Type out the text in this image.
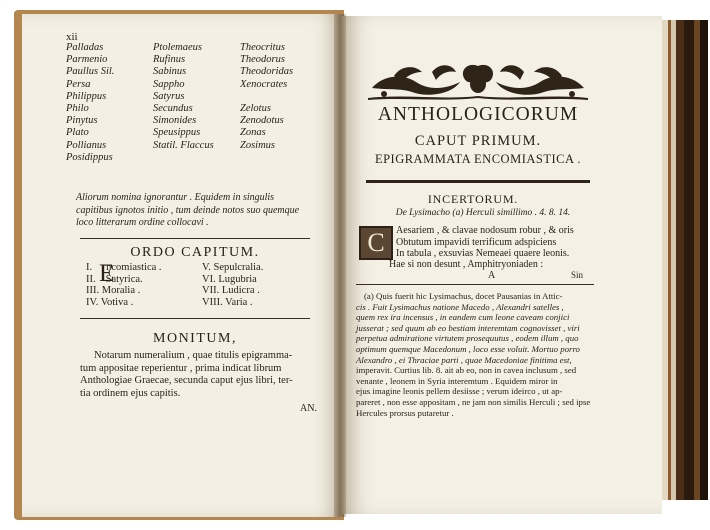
xii
Palladas	Ptolemaeus	Theocritus
Parmenio	Rufinus	Theodorus
Paullus Sil.	Sabinus	Theodoridas
Persa	Sappho	Xenocrates
Philippus	Satyrus
Philo	Secundus	Zelotus
Pinytus	Simonides	Zenodotus
Plato	Speusippus	Zonas
Pollianus	Statil. Flaccus	Zosimus
Posidippus
Aliorum nomina ignorantur . Equidem in singulis
capitibus ignotos initio , tum deinde notos suo quemque
loco litterarum ordine collocavi .
ORDO CAPITUM.
E
I. ncomiastica .	V. Sepulcralia.
II. Satyrica.	VI. Lugubria
III. Moralia .	VII. Ludicra .
IV. Votiva .	VIII. Varia .
MONITUM,
Notarum numeralium , quae titulis epigramma-
tum appositae reperientur , prima indicat librum
Anthologiae Graecae, secunda caput ejus libri, ter-
tia ordinem ejus capitis.
AN.
ANTHOLOGICORUM
CAPUT PRIMUM.
EPIGRAMMATA ENCOMIASTICA .
INCERTORUM.
De Lysimacho (a) Herculi simillimo . 4. 8. 14.
C	Aesariem , & clavae nodosum robur , & oris
Obtutum impavidi terrificum adspiciens
In tabula , exsuvias Nemeaei quaere leonis.
Hae si non desunt , Amphitryoniaden :
A	Sin
(a) Quis fuerit hic Lysimachus, docet Pausanias in Attic-
cis . Fuit Lysimachus natione Macedo , Alexandri satelles ,
quem rex ira incensus , in eandem cum leone caveam conjici
jusserat ; sed quum ab eo bestiam interemtam cognovisset , viri
perpetua admiratione virtutem prosequutus , eodem illum , quo
optimum quemque Macedonum , loco esse voluit. Mortuo porro
Alexandro , ei Thraciae parti , quae Macedoniae finitima est,
imperavit. Curtius lib. 8. ait ab eo, non in cavea inclusum , sed
venante , leonem in Syria interemtum . Equidem miror in
ejus imagine leonis pellem desiisse ; verum ideirco , ut ap-
pareret , non esse appositam , ne jam non similis Herculi ; sed ipse
Hercules prorsus putaretur .
